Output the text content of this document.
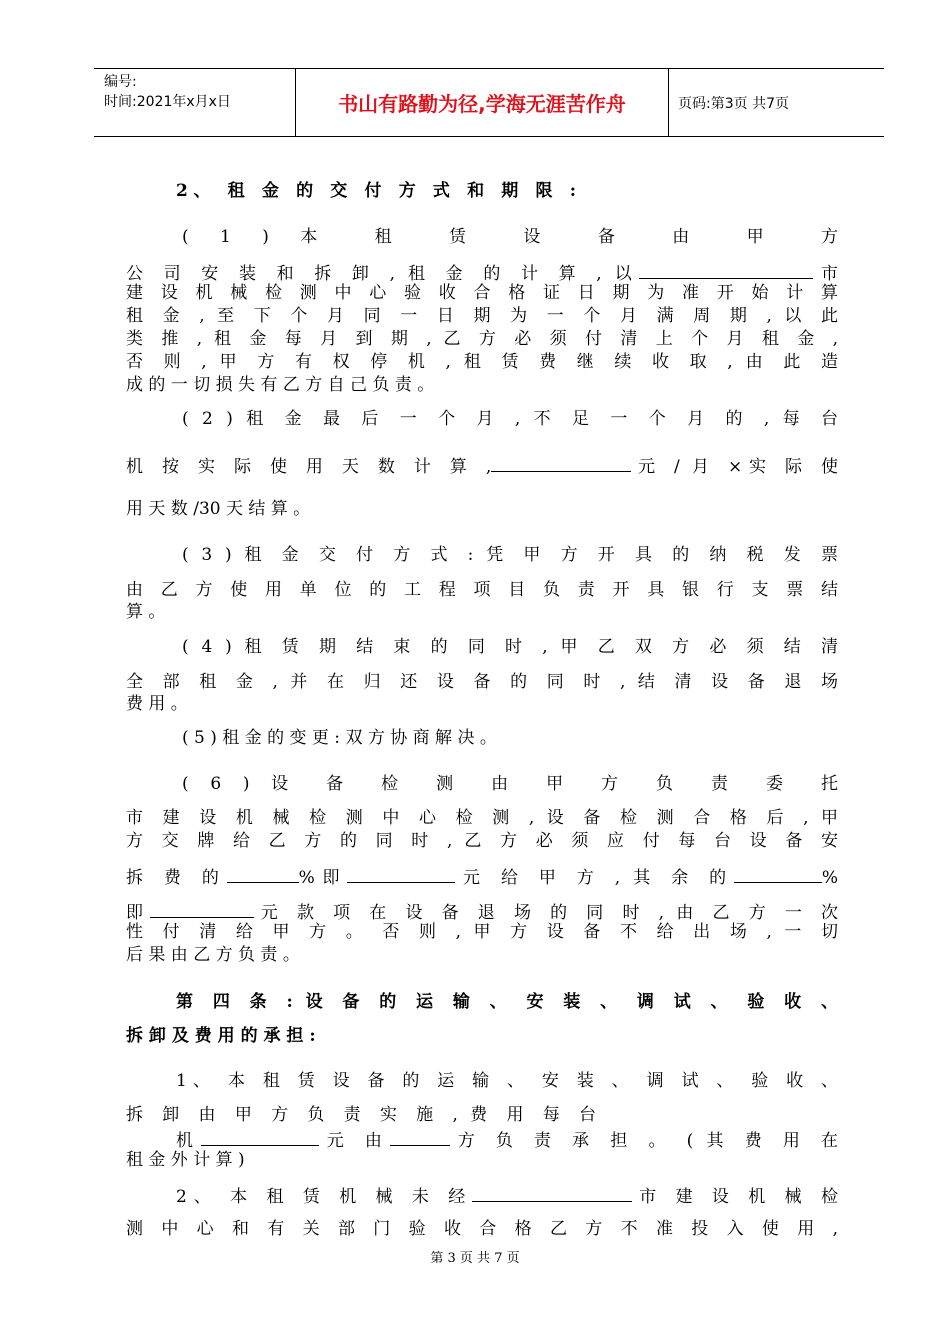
编号:
时间:2021年x月x日	书山有路勤为径,学海无涯苦作舟	页码:第3页 共7页
2、 租 金 的 交 付 方 式 和 期 限 :
( 1 ) 本 租 赁 设 备 由 甲 方
公 司 安 装 和 拆 卸 , 租 金 的 计 算 , 以	市
建 设 机 械 检 测 中 心 验 收 合 格 证 日 期 为 准 开 始 计 算
租 金 , 至 下 个 月 同 一 日 期 为 一 个 月 满 周 期 , 以 此
类 推 , 租 金 每 月 到 期 , 乙 方 必 须 付 清 上 个 月 租 金 ,
否 则 , 甲 方 有 权 停 机 , 租 赁 费 继 续 收 取 , 由 此 造
成 的 一 切 损 失 有 乙 方 自 己 负 责 。
( 2 ) 租 金 最 后 一 个 月 , 不 足 一 个 月 的 , 每 台
机 按 实 际 使 用 天 数 计 算 ,	元 / 月 ×实 际 使
用 天 数 /30 天 结 算 。
( 3 ) 租 金 交 付 方 式 : 凭 甲 方 开 具 的 纳 税 发 票
由 乙 方 使 用 单 位 的 工 程 项 目 负 责 开 具 银 行 支 票 结
算 。
( 4 ) 租 赁 期 结 束 的 同 时 , 甲 乙 双 方 必 须 结 清
全 部 租 金 , 并 在 归 还 设 备 的 同 时 , 结 清 设 备 退 场
费 用 。
( 5 ) 租 金 的 变 更 : 双 方 协 商 解 决 。
( 6 ) 设 备 检 测 由 甲 方 负 责 委 托
市 建 设 机 械 检 测 中 心 检 测 , 设 备 检 测 合 格 后 , 甲
方 交 牌 给 乙 方 的 同 时 , 乙 方 必 须 应 付 每 台 设 备 安
拆 费 的	%即	元 给 甲 方 , 其 余 的	%
即	元 款 项 在 设 备 退 场 的 同 时 , 由 乙 方 一 次
性 付 清 给 甲 方 。 否 则 , 甲 方 设 备 不 给 出 场 , 一 切
后 果 由 乙 方 负 责 。
第 四 条 : 设 备 的 运 输 、 安 装 、 调 试 、 验 收 、
拆 卸 及 费 用 的 承 担 :
1、 本 租 赁 设 备 的 运 输 、 安 装 、 调 试 、 验 收 、
拆 卸 由 甲 方 负 责 实 施 , 费 用 每 台
机	元 由	方 负 责 承 担 。 ( 其 费 用 在
租 金 外 计 算 )
2、 本 租 赁 机 械 未 经	市 建 设 机 械 检
测 中 心 和 有 关 部 门 验 收 合 格 乙 方 不 准 投 入 使 用 ,
第 3 页 共 7 页
